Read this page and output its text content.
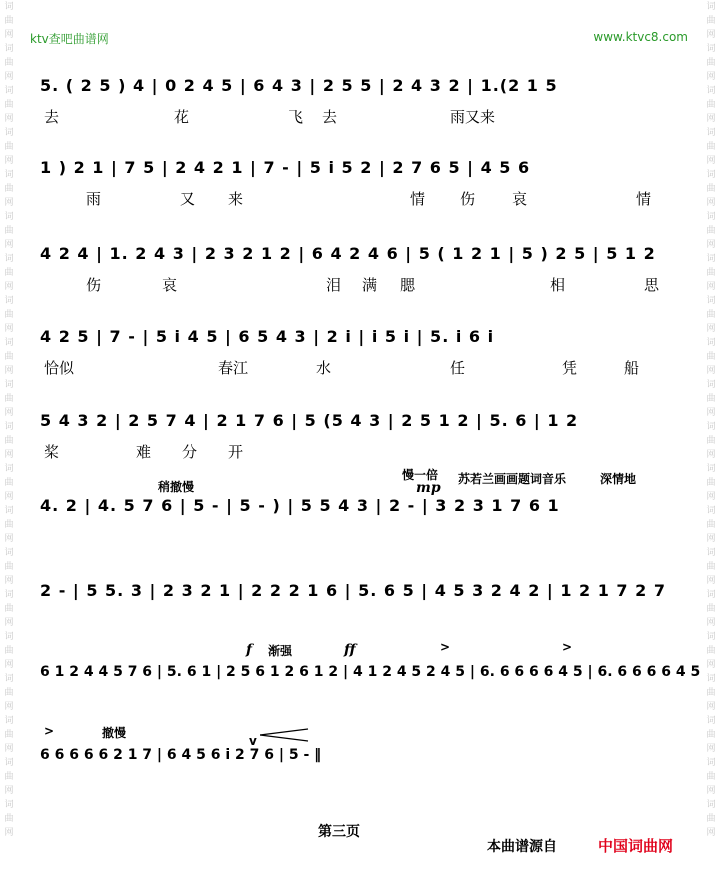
词曲网词曲网词曲网词曲网词曲网词曲网词曲网词曲网词曲网词曲网词曲网词曲网词曲网词曲网词曲网词曲网词曲网词曲网词曲网词曲网
词曲网词曲网词曲网词曲网词曲网词曲网词曲网词曲网词曲网词曲网词曲网词曲网词曲网词曲网词曲网词曲网词曲网词曲网词曲网词曲网
ktv查吧曲谱网	www.ktvc8.com
5. ( 2 5 ) 4 | 0 2 4 5 | 6 4 3 | 2 5 5 | 2 4 3 2 | 1.(2 1 5
去	花	飞 去	雨又来
1 ) 2 1 | 7 5 | 2 4 2 1 | 7 - | 5 i 5 2 | 2 7 6 5 | 4 5 6
雨	又 来	情 伤 哀	情
4 2 4 | 1. 2 4 3 | 2 3 2 1 2 | 6 4 2 4 6 | 5 ( 1 2 1 | 5 ) 2 5 | 5 1 2
伤	哀	泪 满 腮	相	思
4 2 5 | 7 - | 5 i 4 5 | 6 5 4 3 | 2 i | i 5 i | 5. i 6 i
恰似	春江	水	任	凭	船
5 4 3 2 | 2 5 7 4 | 2 1 7 6 | 5 (5 4 3 | 2 5 1 2 | 5. 6 | 1 2
桨	难 分 开
4. 2 | 4. 5 7 6 | 5 - | 5 - ) | 5 5 4 3 | 2 - | 3 2 3 1 7 6 1
2 - | 5 5. 3 | 2 3 2 1 | 2 2 2 1 6 | 5. 6 5 | 4 5 3 2 4 2 | 1 2 1 7 2 7
6 1 2 4 4 5 7 6 | 5. 6 1 | 2 5 6 1 2 6 1 2 | 4 1 2 4 5 2 4 5 | 6. 6 6 6 6 4 5 | 6. 6 6 6 6 4 5
6 6 6 6 6 2 1 7 | 6 4 5 6 i 2 7 6 | 5 - ‖
稍撤慢
慢一倍
mp
苏若兰画画题词音乐	深情地
f 渐强	ff	>	>
>	撤慢
v
第三页
本曲谱源自	中国词曲网
